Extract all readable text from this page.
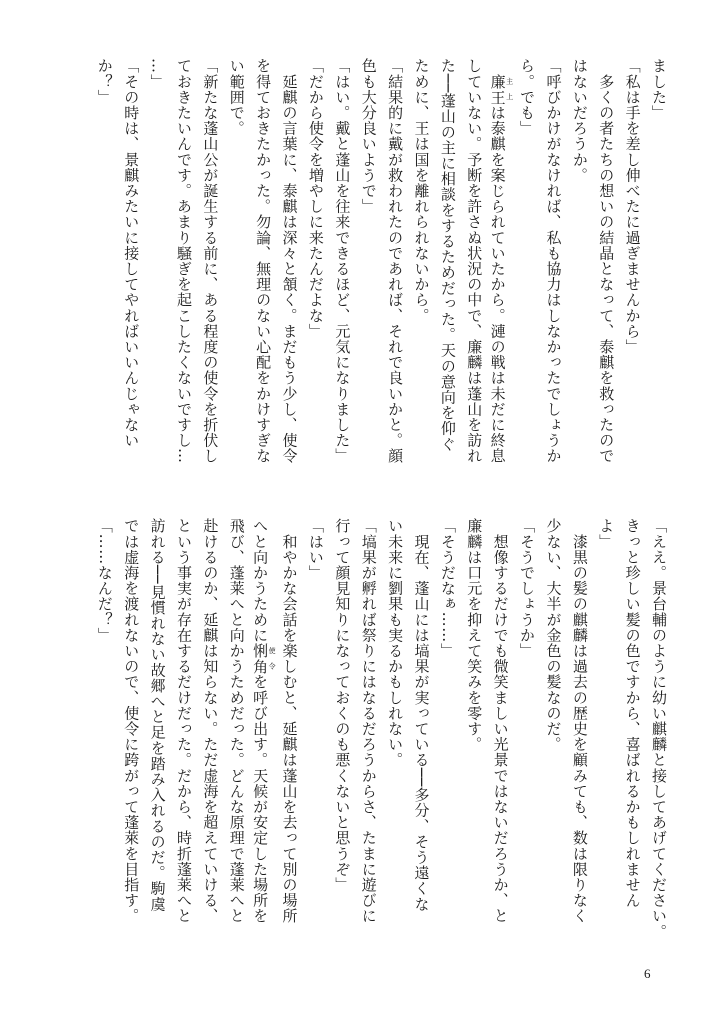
ました」
「私は手を差し伸べたに過ぎませんから」
　多くの者たちの想いの結晶となって、泰麒を救ったので
はないだろうか。
「呼びかけがなければ、私も協力はしなかったでしょうか
ら。でも」
　廉王 主上は泰麒を案じられていたから。漣の戦は未だに終息
していない。予断を許さぬ状況の中で、廉麟は蓬山を訪れ
た──蓬山の主に相談をするためだった。天の意向を仰ぐ
ために、王は国を離れられないから。
「結果的に戴が救われたのであれば、それで良いかと。顔
色も大分良いようで」
「はい。戴と蓬山を往来できるほど、元気になりました」
「だから使令を増やしに来たんだよな」
　延麒の言葉に、泰麒は深々と頷く。まだもう少し、使令
を得ておきたかった。勿論、無理のない心配をかけすぎな
い範囲で。
「新たな蓬山公が誕生する前に、ある程度の使令を折伏し
ておきたいんです。あまり騒ぎを起こしたくないですし…
…」
「その時は、景麒みたいに接してやればいいんじゃない
か？」
「ええ。景台輔のように幼い麒麟と接してあげてください。
きっと珍しい髪の色ですから、喜ばれるかもしれません
よ」
　漆黒の髪の麒麟は過去の歴史を顧みても、数は限りなく
少ない、大半が金色の髪なのだ。
「そうでしょうか」
　想像するだけでも微笑ましい光景ではないだろうか、と
廉麟は口元を抑えて笑みを零す。
「そうだなぁ……」
　現在、蓬山には塙果が実っている──多分、そう遠くな
い未来に劉果も実るかもしれない。
「塙果が孵れば祭りにはなるだろうからさ、たまに遊びに
行って顔見知りになっておくのも悪くないと思うぞ」
「はい」
　和やかな会話を楽しむと、延麒は蓬山を去って別の場所
へと向かうために悧角 使令を呼び出す。天候が安定した場所を
飛び、蓬莱へと向かうためだった。どんな原理で蓬莱へと
赴けるのか、延麒は知らない。ただ虚海を超えていける、
という事実が存在するだけだった。だから、時折蓬莱へと
訪れる──見慣れない故郷へと足を踏み入れるのだ。駒虞
では虚海を渡れないので、使令に跨がって蓬萊を目指す。
「……なんだ？」
6
